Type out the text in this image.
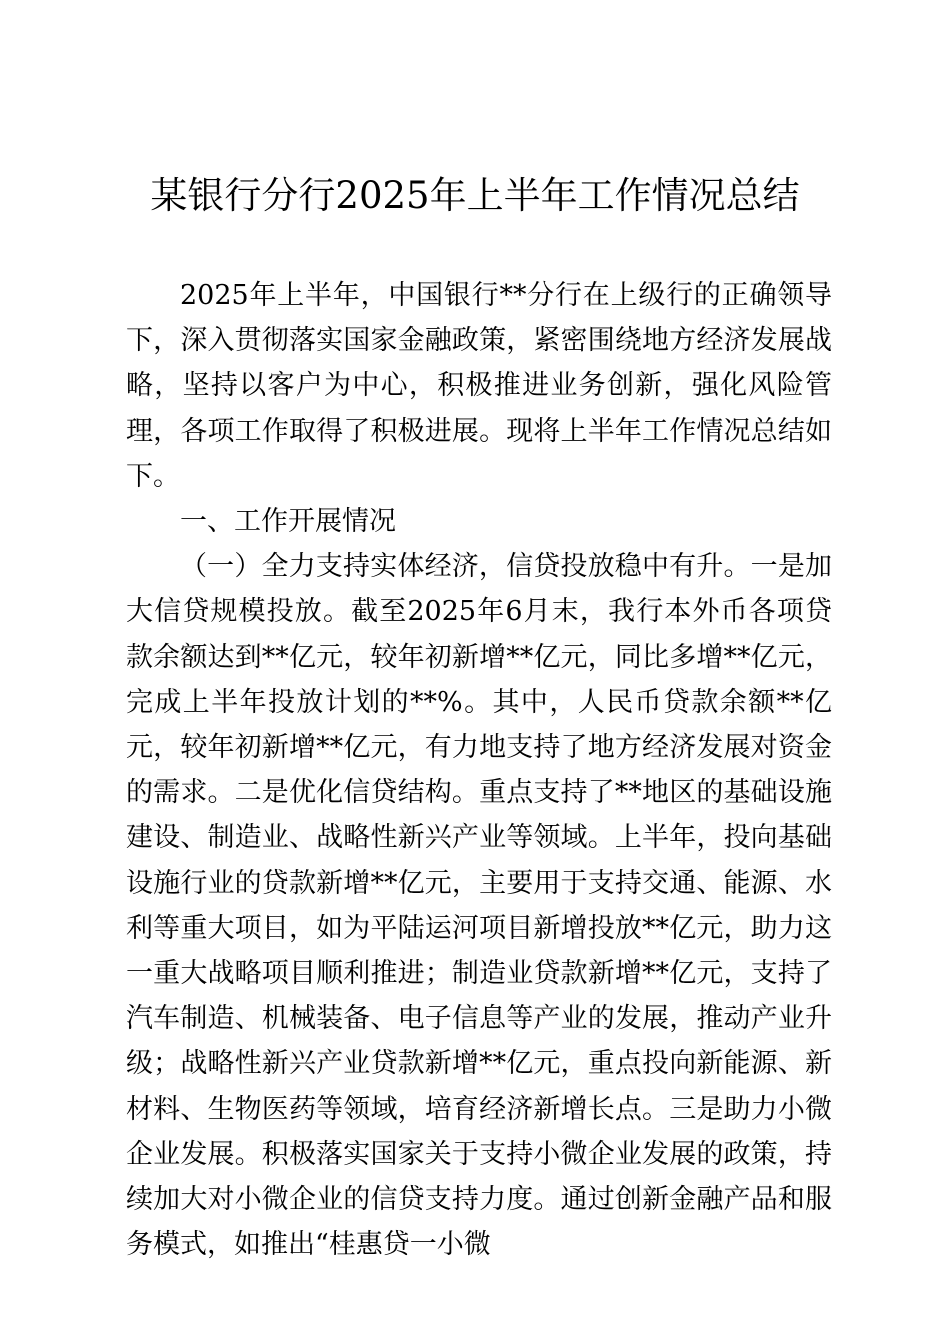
某银行分行2025年上半年工作情况总结

2025年上半年，中国银行**分行在上级行的正确领导下，深入贯彻落实国家金融政策，紧密围绕地方经济发展战略，坚持以客户为中心，积极推进业务创新，强化风险管理，各项工作取得了积极进展。现将上半年工作情况总结如下。

一、工作开展情况

（一）全力支持实体经济，信贷投放稳中有升。一是加大信贷规模投放。截至2025年6月末，我行本外币各项贷款余额达到**亿元，较年初新增**亿元，同比多增**亿元，完成上半年投放计划的**%。其中，人民币贷款余额**亿元，较年初新增**亿元，有力地支持了地方经济发展对资金的需求。二是优化信贷结构。重点支持了**地区的基础设施建设、制造业、战略性新兴产业等领域。上半年，投向基础设施行业的贷款新增**亿元，主要用于支持交通、能源、水利等重大项目，如为平陆运河项目新增投放**亿元，助力这一重大战略项目顺利推进；制造业贷款新增**亿元，支持了汽车制造、机械装备、电子信息等产业的发展，推动产业升级；战略性新兴产业贷款新增**亿元，重点投向新能源、新材料、生物医药等领域，培育经济新增长点。三是助力小微企业发展。积极落实国家关于支持小微企业发展的政策，持续加大对小微企业的信贷支持力度。通过创新金融产品和服务模式，如推出“桂惠贷一小微
